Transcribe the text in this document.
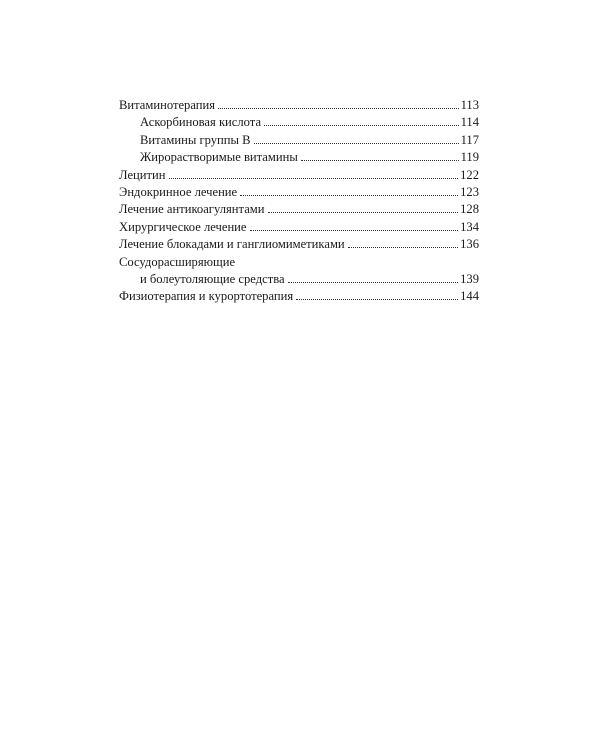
Витаминотерапия	113
Аскорбиновая кислота	114
Витамины группы В	117
Жирорастворимые витамины	119
Лецитин	122
Эндокринное лечение	123
Лечение антикоагулянтами	128
Хирургическое лечение	134
Лечение блокадами и ганглиомиметиками	136
Сосудорасширяющие
и болеутоляющие средства	139
Физиотерапия и курортотерапия	144
